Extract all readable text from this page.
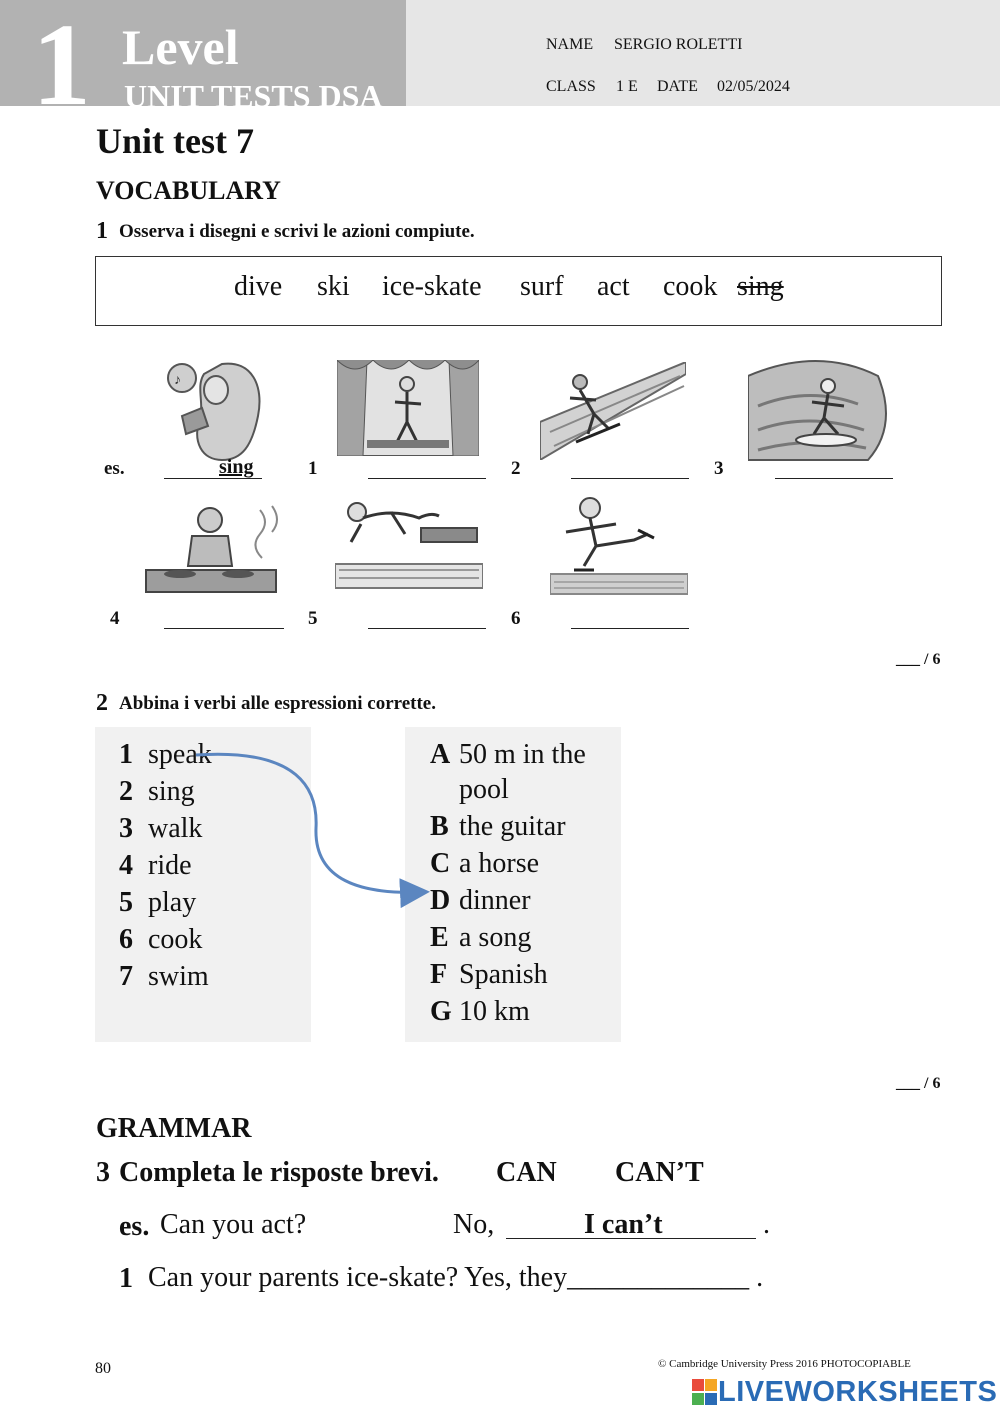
1 Level
UNIT TESTS DSA
NAME SERGIO ROLETTI
CLASS 1 E DATE 02/05/2024
Unit test 7
VOCABULARY
1 Osserva i disegni e scrivi le azioni compiute.
dive ski ice-skate surf act cook sing
♪
es.	sing	1	2	3
4	5	6
___ / 6
2 Abbina i verbi alle espressioni corrette.
1 speak
2 sing
3 walk
4 ride
5 play
6 cook
7 swim
A 50 m in the
pool
B the guitar
C a horse
D dinner
E a song
F Spanish
G 10 km
___ / 6
GRAMMAR
3 Completa le risposte brevi. CAN CAN’T
es. Can you act?	No,	I can’t	.
1 Can your parents ice-skate? Yes, they_____________ .
80	© Cambridge University Press 2016 PHOTOCOPIABLE
LIVEWORKSHEETS
